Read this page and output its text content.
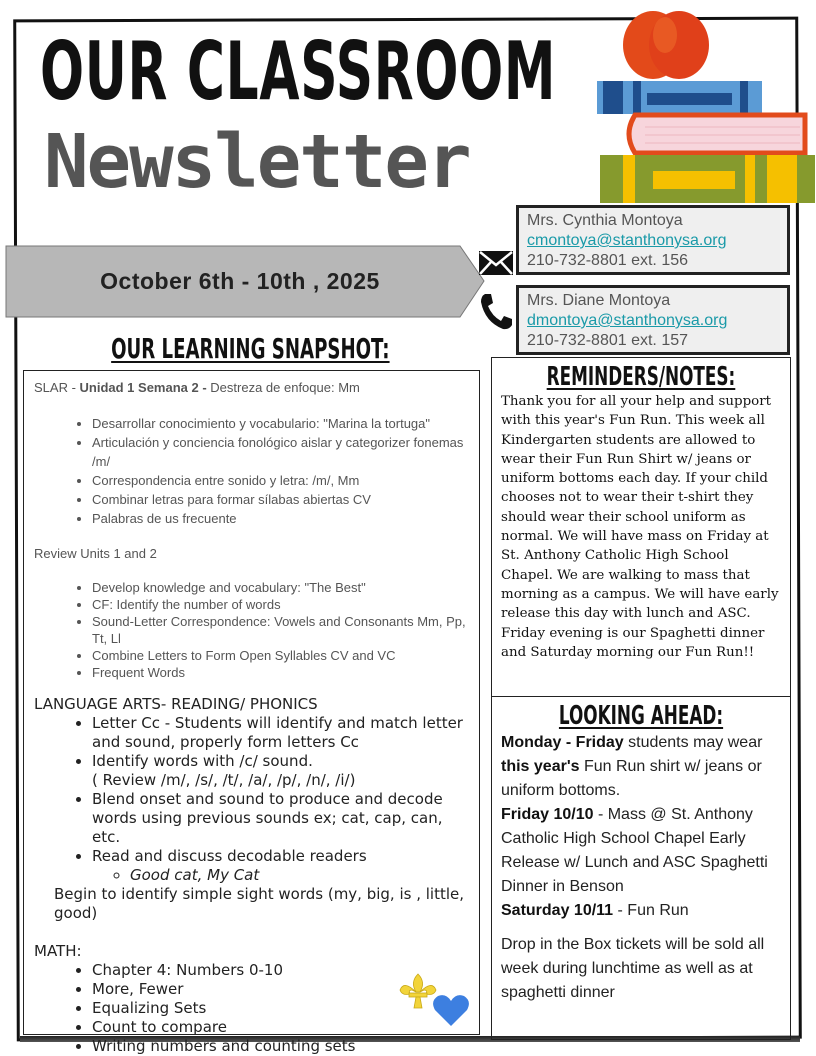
OUR CLASSROOM
Newsletter
October 6th - 10th , 2025
Mrs. Cynthia Montoya
cmontoya@stanthonysa.org
210-732-8801 ext. 156
Mrs. Diane Montoya
dmontoya@stanthonysa.org
210-732-8801 ext. 157
OUR LEARNING SNAPSHOT:

SLAR - Unidad 1 Semana 2 - Destreza de enfoque: Mm

• Desarrollar conocimiento y vocabulario: "Marina la tortuga"
• Articulación y conciencia fonológico aislar y categorizer fonemas /m/
• Correspondencia entre sonido y letra: /m/, Mm
• Combinar letras para formar sílabas abiertas CV
• Palabras de us frecuente

Review Units 1 and 2

• Develop knowledge and vocabulary: "The Best"
• CF: Identify the number of words
• Sound-Letter Correspondence: Vowels and Consonants Mm, Pp, Tt, Ll
• Combine Letters to Form Open Syllables CV and VC
• Frequent Words

LANGUAGE ARTS- READING/ PHONICS

• Letter Cc - Students will identify and match letter and sound, properly form letters Cc
• Identify words with /c/ sound.
( Review /m/, /s/, /t/, /a/, /p/, /n/, /i/)
• Blend onset and sound to produce and decode words using previous sounds ex; cat, cap, can, etc.
• Read and discuss decodable readers
◦ Good cat, My Cat

Begin to identify simple sight words (my, big, is , little, good)

MATH:

• Chapter 4: Numbers 0-10
• More, Fewer
• Equalizing Sets
• Count to compare
• Writing numbers and counting sets
REMINDERS/NOTES:
Thank you for all your help and support with this year's Fun Run. This week all Kindergarten students are allowed to wear their Fun Run Shirt w/ jeans or uniform bottoms each day. If your child chooses not to wear their t-shirt they should wear their school uniform as normal. We will have mass on Friday at St. Anthony Catholic High School Chapel. We are walking to mass that morning as a campus. We will have early release this day with lunch and ASC. Friday evening is our Spaghetti dinner and Saturday morning our Fun Run!!
LOOKING AHEAD:

Monday - Friday students may wear this year's Fun Run shirt w/ jeans or uniform bottoms.

Friday 10/10 - Mass @ St. Anthony Catholic High School Chapel Early Release w/ Lunch and ASC Spaghetti Dinner in Benson

Saturday 10/11 - Fun Run

Drop in the Box tickets will be sold all week during lunchtime as well as at spaghetti dinner
